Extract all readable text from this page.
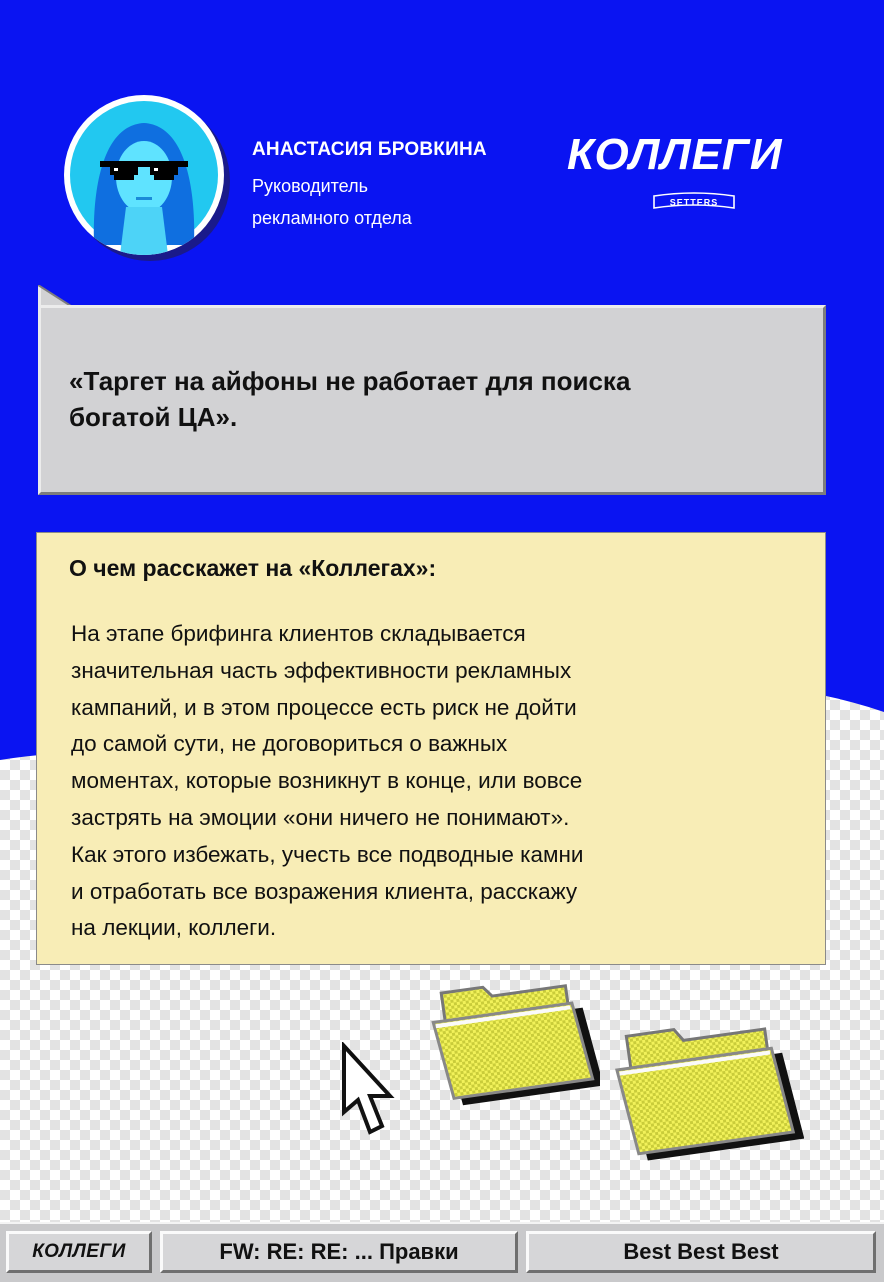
АНАСТАСИЯ БРОВКИНА
Руководитель
рекламного отдела
КОЛЛЕГИ
SETTERS
«Таргет на айфоны не работает для поиска
богатой ЦА».
О чем расскажет на «Коллегах»:
На этапе брифинга клиентов складывается
значительная часть эффективности рекламных
кампаний, и в этом процессе есть риск не дойти
до самой сути, не договориться о важных
моментах, которые возникнут в конце, или вовсе
застрять на эмоции «они ничего не понимают».
Как этого избежать, учесть все подводные камни
и отработать все возражения клиента, расскажу
на лекции, коллеги.
КОЛЛЕГИ	FW: RE: RE: ... Правки	Best Best Best
